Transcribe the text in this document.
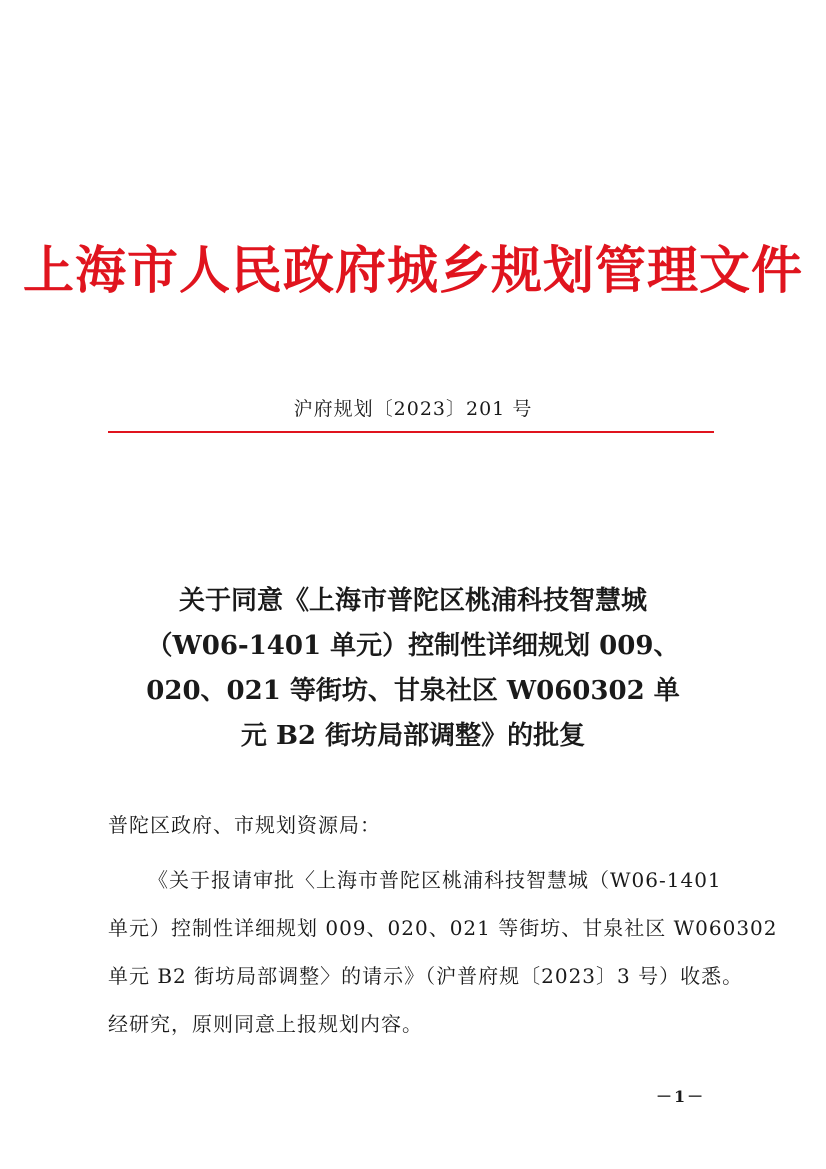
上海市人民政府城乡规划管理文件
沪府规划〔2023〕201 号
关于同意《上海市普陀区桃浦科技智慧城
（W06-1401 单元）控制性详细规划 009、
020、021 等街坊、甘泉社区 W060302 单
元 B2 街坊局部调整》的批复
普陀区政府、市规划资源局：
《关于报请审批〈上海市普陀区桃浦科技智慧城（W06-1401
单元）控制性详细规划 009、020、021 等街坊、甘泉社区 W060302
单元 B2 街坊局部调整〉的请示》（沪普府规〔2023〕3 号）收悉。
经研究，原则同意上报规划内容。
－1－
